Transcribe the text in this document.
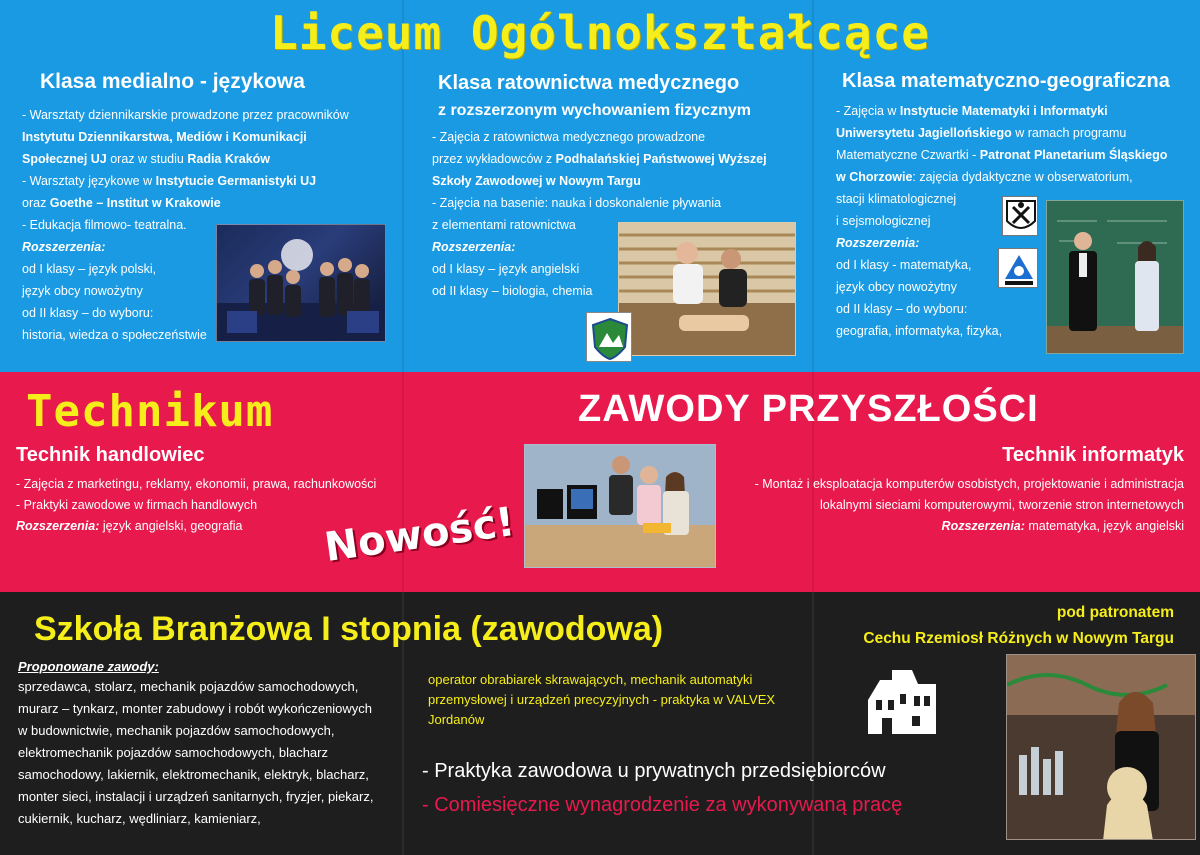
Liceum Ogólnokształcące
Klasa medialno - językowa
- Warsztaty dziennikarskie prowadzone przez pracowników
Instytutu Dziennikarstwa, Mediów i Komunikacji
Społecznej UJ oraz w studiu Radia Kraków
- Warsztaty językowe w Instytucie Germanistyki UJ
oraz Goethe – Institut w Krakowie
- Edukacja filmowo- teatralna.
Rozszerzenia:
od I klasy – język polski,
język obcy nowożytny
od II klasy – do wyboru:
historia, wiedza o społeczeństwie
Klasa ratownictwa medycznego
z rozszerzonym wychowaniem fizycznym
- Zajęcia z ratownictwa medycznego prowadzone
przez wykładowców z Podhalańskiej Państwowej Wyższej
Szkoły Zawodowej w Nowym Targu
- Zajęcia na basenie: nauka i doskonalenie pływania
z elementami ratownictwa
Rozszerzenia:
od I klasy – język angielski
od II klasy – biologia, chemia
Klasa matematyczno-geograficzna
- Zajęcia w Instytucie Matematyki i Informatyki
Uniwersytetu Jagiellońskiego w ramach programu
Matematyczne Czwartki - Patronat Planetarium Śląskiego
w Chorzowie: zajęcia dydaktyczne w obserwatorium,
stacji klimatologicznej
i sejsmologicznej
Rozszerzenia:
od I klasy - matematyka,
język obcy nowożytny
od II klasy – do wyboru:
geografia, informatyka, fizyka,
Technikum	ZAWODY PRZYSZŁOŚCI
Technik handlowiec
- Zajęcia z marketingu, reklamy, ekonomii, prawa, rachunkowości
- Praktyki zawodowe w firmach handlowych
Rozszerzenia: język angielski, geografia	Nowość!
Technik informatyk
- Montaż i eksploatacja komputerów osobistych, projektowanie i administracja
lokalnymi sieciami komputerowymi, tworzenie stron internetowych
Rozszerzenia: matematyka, język angielski
Szkoła Branżowa I stopnia (zawodowa)	pod patronatem
Cechu Rzemiosł Różnych w Nowym Targu
Proponowane zawody:
sprzedawca, stolarz, mechanik pojazdów samochodowych,
murarz – tynkarz, monter zabudowy i robót wykończeniowych
w budownictwie, mechanik pojazdów samochodowych,
elektromechanik pojazdów samochodowych, blacharz
samochodowy, lakiernik, elektromechanik, elektryk, blacharz,
monter sieci, instalacji i urządzeń sanitarnych, fryzjer, piekarz,
cukiernik, kucharz, wędliniarz, kamieniarz,
operator obrabiarek skrawających, mechanik automatyki
przemysłowej i urządzeń precyzyjnych - praktyka w VALVEX
Jordanów
- Praktyka zawodowa u prywatnych przedsiębiorców
- Comiesięczne wynagrodzenie za wykonywaną pracę
